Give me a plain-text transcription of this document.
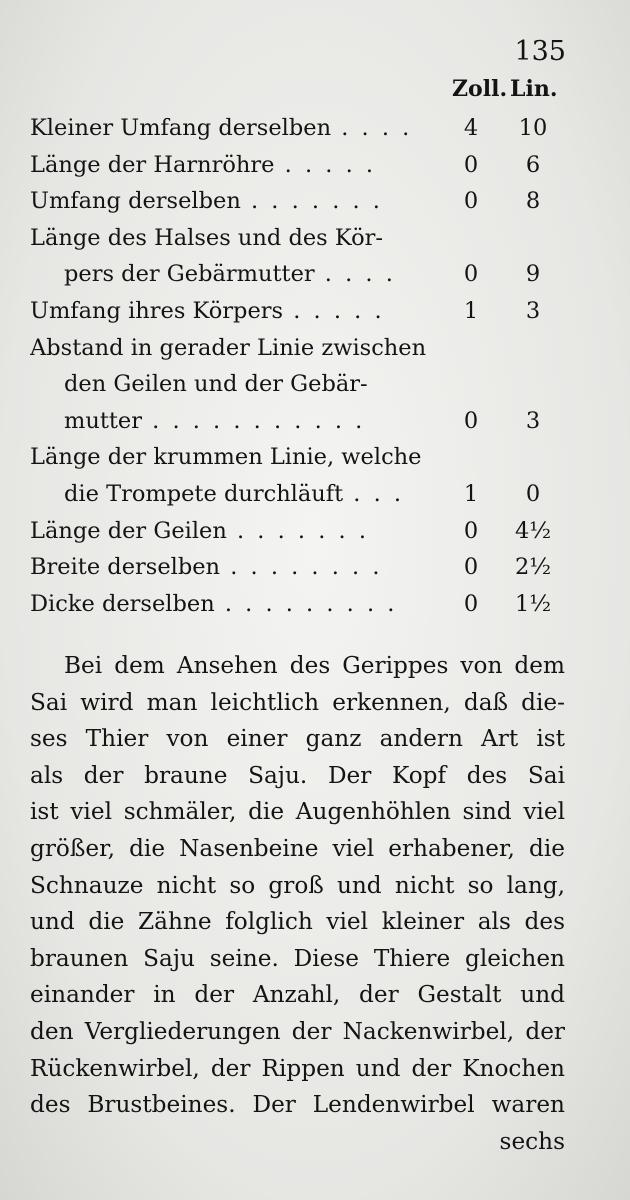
135
Zoll. Lin.
Kleiner Umfang derselben . . . .	4	10
Länge der Harnröhre . . . . .	0	6
Umfang derselben . . . . . . .	0	8
Länge des Halses und des Kör-
pers der Gebärmutter . . . .	0	9
Umfang ihres Körpers . . . . .	1	3
Abstand in gerader Linie zwischen
den Geilen und der Gebär-
mutter . . . . . . . . . . .	0	3
Länge der krummen Linie, welche
die Trompete durchläuft . . .	1	0
Länge der Geilen . . . . . . .	0	4½
Breite derselben . . . . . . . .	0	2½
Dicke derselben . . . . . . . . .	0	1½
Bei dem Ansehen des Gerippes von dem
Sai wird man leichtlich erkennen, daß die-
ses Thier von einer ganz andern Art ist
als der braune Saju. Der Kopf des Sai
ist viel schmäler, die Augenhöhlen sind viel
größer, die Nasenbeine viel erhabener, die
Schnauze nicht so groß und nicht so lang,
und die Zähne folglich viel kleiner als des
braunen Saju seine. Diese Thiere gleichen
einander in der Anzahl, der Gestalt und
den Vergliederungen der Nackenwirbel, der
Rückenwirbel, der Rippen und der Knochen
des Brustbeines. Der Lendenwirbel waren
sechs
